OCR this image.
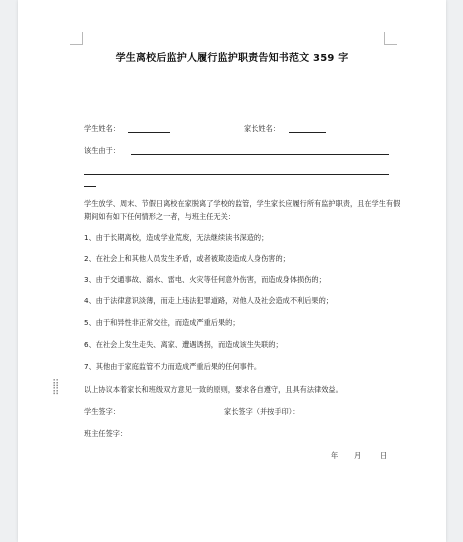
学生离校后监护人履行监护职责告知书范文 359 字
学生姓名：	家长姓名：
该生由于：
学生放学、周末、节假日离校在家脱离了学校的监管，学生家长应履行所有监护职责，且在学生有假期间如有如下任何情形之一者，与班主任无关：
1、由于长期离校，造成学业荒废，无法继续读书深造的；
2、在社会上和其他人员发生矛盾，或者被欺凌造成人身伤害的；
3、由于交通事故、溺水、雷电、火灾等任何意外伤害，而造成身体损伤的；
4、由于法律意识淡薄，而走上违法犯罪道路，对他人及社会造成不利后果的；
5、由于和异性非正常交往，而造成严重后果的；
6、在社会上发生走失、离家、遭遇诱拐，而造成该生失联的；
7、其他由于家庭监管不力而造成严重后果的任何事件。
以上协议本着家长和班级双方意见一致的原则，要求各自遵守，且具有法律效益。
学生签字：	家长签字（并按手印）：
班主任签字：
年 月	日
⠿
⠿
